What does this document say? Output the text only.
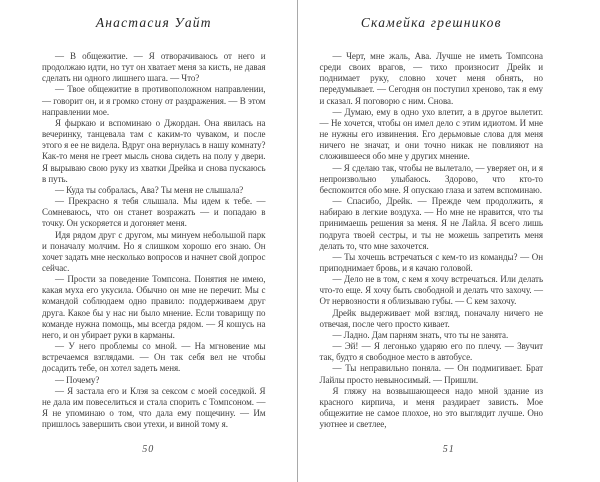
Анастасия Уайт

— В общежитие. — Я отворачиваюсь от него и продолжаю идти, но тут он хватает меня за кисть, не давая сделать ни одного лишнего шага. — Что?

— Твое общежитие в противоположном направлении, — говорит он, и я громко стону от раздражения. — В этом направлении мое.

Я фыркаю и вспоминаю о Джордан. Она явилась на вечеринку, танцевала там с каким-то чуваком, и после этого я ее не видела. Вдруг она вернулась в нашу комнату? Как-то меня не греет мысль снова сидеть на полу у двери. Я вырываю свою руку из хватки Дрейка и снова пускаюсь в путь.

— Куда ты собралась, Ава? Ты меня не слышала?

— Прекрасно я тебя слышала. Мы идем к тебе. — Сомневаюсь, что он станет возражать — и попадаю в точку. Он ускоряется и догоняет меня.

Идя рядом друг с другом, мы минуем небольшой парк и поначалу молчим. Но я слишком хорошо его знаю. Он хочет задать мне несколько вопросов и начнет свой допрос сейчас.

— Прости за поведение Томпсона. Понятия не имею, какая муха его укусила. Обычно он мне не перечит. Мы с командой соблюдаем одно правило: поддерживаем друг друга. Какое бы у нас ни было мнение. Если товарищу по команде нужна помощь, мы всегда рядом. — Я кошусь на него, и он убирает руки в карманы.

— У него проблемы со мной. — На мгновение мы встречаемся взглядами. — Он так себя вел не чтобы досадить тебе, он хотел задеть меня.

— Почему?

— Я застала его и Клэя за сексом с моей соседкой. Я не дала им повеселиться и стала спорить с Томпсоном. — Я не упоминаю о том, что дала ему пощечину. — Им пришлось завершить свои утехи, и виной тому я.

50
Скамейка грешников

— Черт, мне жаль, Ава. Лучше не иметь Томпсона среди своих врагов, — тихо произносит Дрейк и поднимает руку, словно хочет меня обнять, но передумывает. — Сегодня он поступил хреново, так я ему и сказал. Я поговорю с ним. Снова.

— Думаю, ему в одно ухо влетит, а в другое вылетит. — Не хочется, чтобы он имел дело с этим идиотом. И мне не нужны его извинения. Его дерьмовые слова для меня ничего не значат, и они точно никак не повлияют на сложившееся обо мне у других мнение.

— Я сделаю так, чтобы не вылетало, — уверяет он, и я непроизвольно улыбаюсь. Здорово, что кто-то беспокоится обо мне. Я опускаю глаза и затем вспоминаю.

— Спасибо, Дрейк. — Прежде чем продолжить, я набираю в легкие воздуха. — Но мне не нравится, что ты принимаешь решения за меня. Я не Лайла. Я всего лишь подруга твоей сестры, и ты не можешь запретить меня делать то, что мне захочется.

— Ты хочешь встречаться с кем-то из команды? — Он приподнимает бровь, и я качаю головой.

— Дело не в том, с кем я хочу встречаться. Или делать что-то еще. Я хочу быть свободной и делать что захочу. — От нервозности я облизываю губы. — С кем захочу.

Дрейк выдерживает мой взгляд, поначалу ничего не отвечая, после чего просто кивает.

— Ладно. Дам парням знать, что ты не занята.

— Эй! — Я легонько ударяю его по плечу. — Звучит так, будто я свободное место в автобусе.

— Ты неправильно поняла. — Он подмигивает. Брат Лайлы просто невыносимый. — Пришли.

Я гляжу на возвышающееся надо мной здание из красного кирпича, и меня раздирает зависть. Мое общежитие не самое плохое, но это выглядит лучше. Оно уютнее и светлее,

51
